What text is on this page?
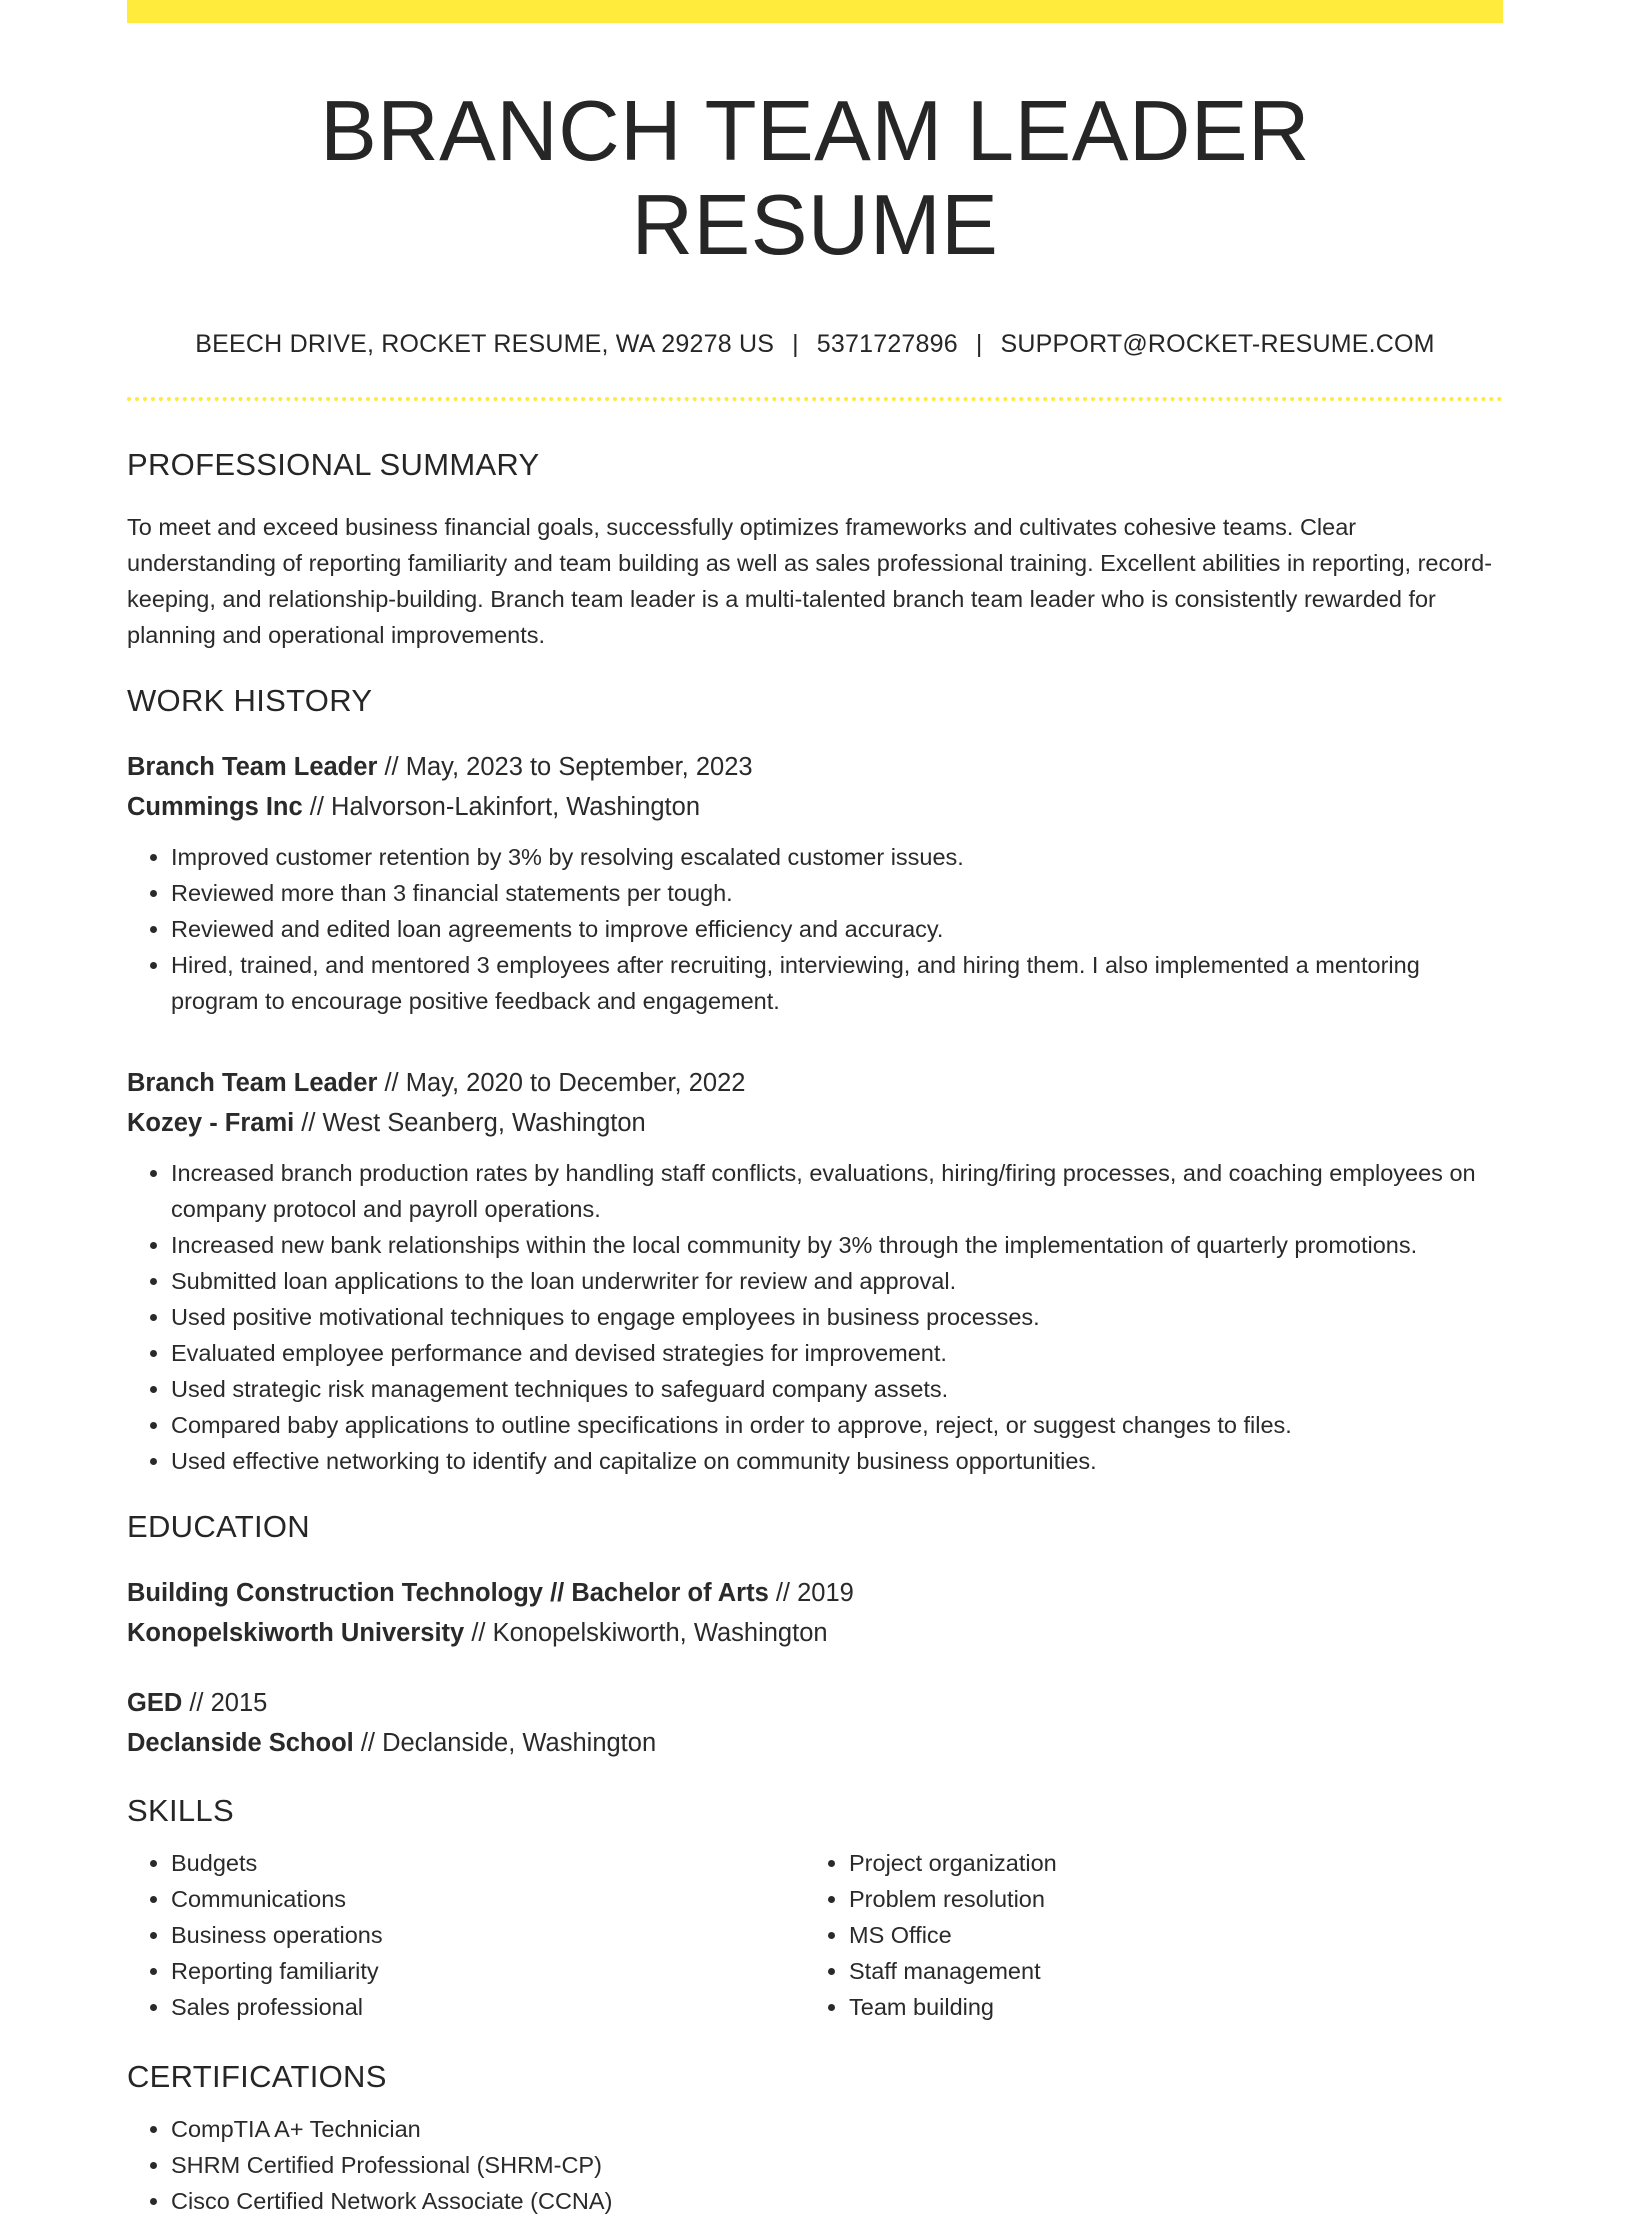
BRANCH TEAM LEADER RESUME
BEECH DRIVE, ROCKET RESUME, WA 29278 US | 5371727896 | SUPPORT@ROCKET-RESUME.COM
PROFESSIONAL SUMMARY

To meet and exceed business financial goals, successfully optimizes frameworks and cultivates cohesive teams. Clear understanding of reporting familiarity and team building as well as sales professional training. Excellent abilities in reporting, record-keeping, and relationship-building. Branch team leader is a multi-talented branch team leader who is consistently rewarded for planning and operational improvements.

WORK HISTORY
Branch Team Leader // May, 2023 to September, 2023
Cummings Inc // Halvorson-Lakinfort, Washington
• Improved customer retention by 3% by resolving escalated customer issues.
• Reviewed more than 3 financial statements per tough.
• Reviewed and edited loan agreements to improve efficiency and accuracy.
• Hired, trained, and mentored 3 employees after recruiting, interviewing, and hiring them. I also implemented a mentoring program to encourage positive feedback and engagement.
Branch Team Leader // May, 2020 to December, 2022
Kozey - Frami // West Seanberg, Washington
• Increased branch production rates by handling staff conflicts, evaluations, hiring/firing processes, and coaching employees on company protocol and payroll operations.
• Increased new bank relationships within the local community by 3% through the implementation of quarterly promotions.
• Submitted loan applications to the loan underwriter for review and approval.
• Used positive motivational techniques to engage employees in business processes.
• Evaluated employee performance and devised strategies for improvement.
• Used strategic risk management techniques to safeguard company assets.
• Compared baby applications to outline specifications in order to approve, reject, or suggest changes to files.
• Used effective networking to identify and capitalize on community business opportunities.
EDUCATION
Building Construction Technology // Bachelor of Arts // 2019
Konopelskiworth University // Konopelskiworth, Washington
GED // 2015
Declanside School // Declanside, Washington
SKILLS
• Budgets
• Communications
• Business operations
• Reporting familiarity
• Sales professional
• Project organization
• Problem resolution
• MS Office
• Staff management
• Team building
CERTIFICATIONS
• CompTIA A+ Technician
• SHRM Certified Professional (SHRM-CP)
• Cisco Certified Network Associate (CCNA)
